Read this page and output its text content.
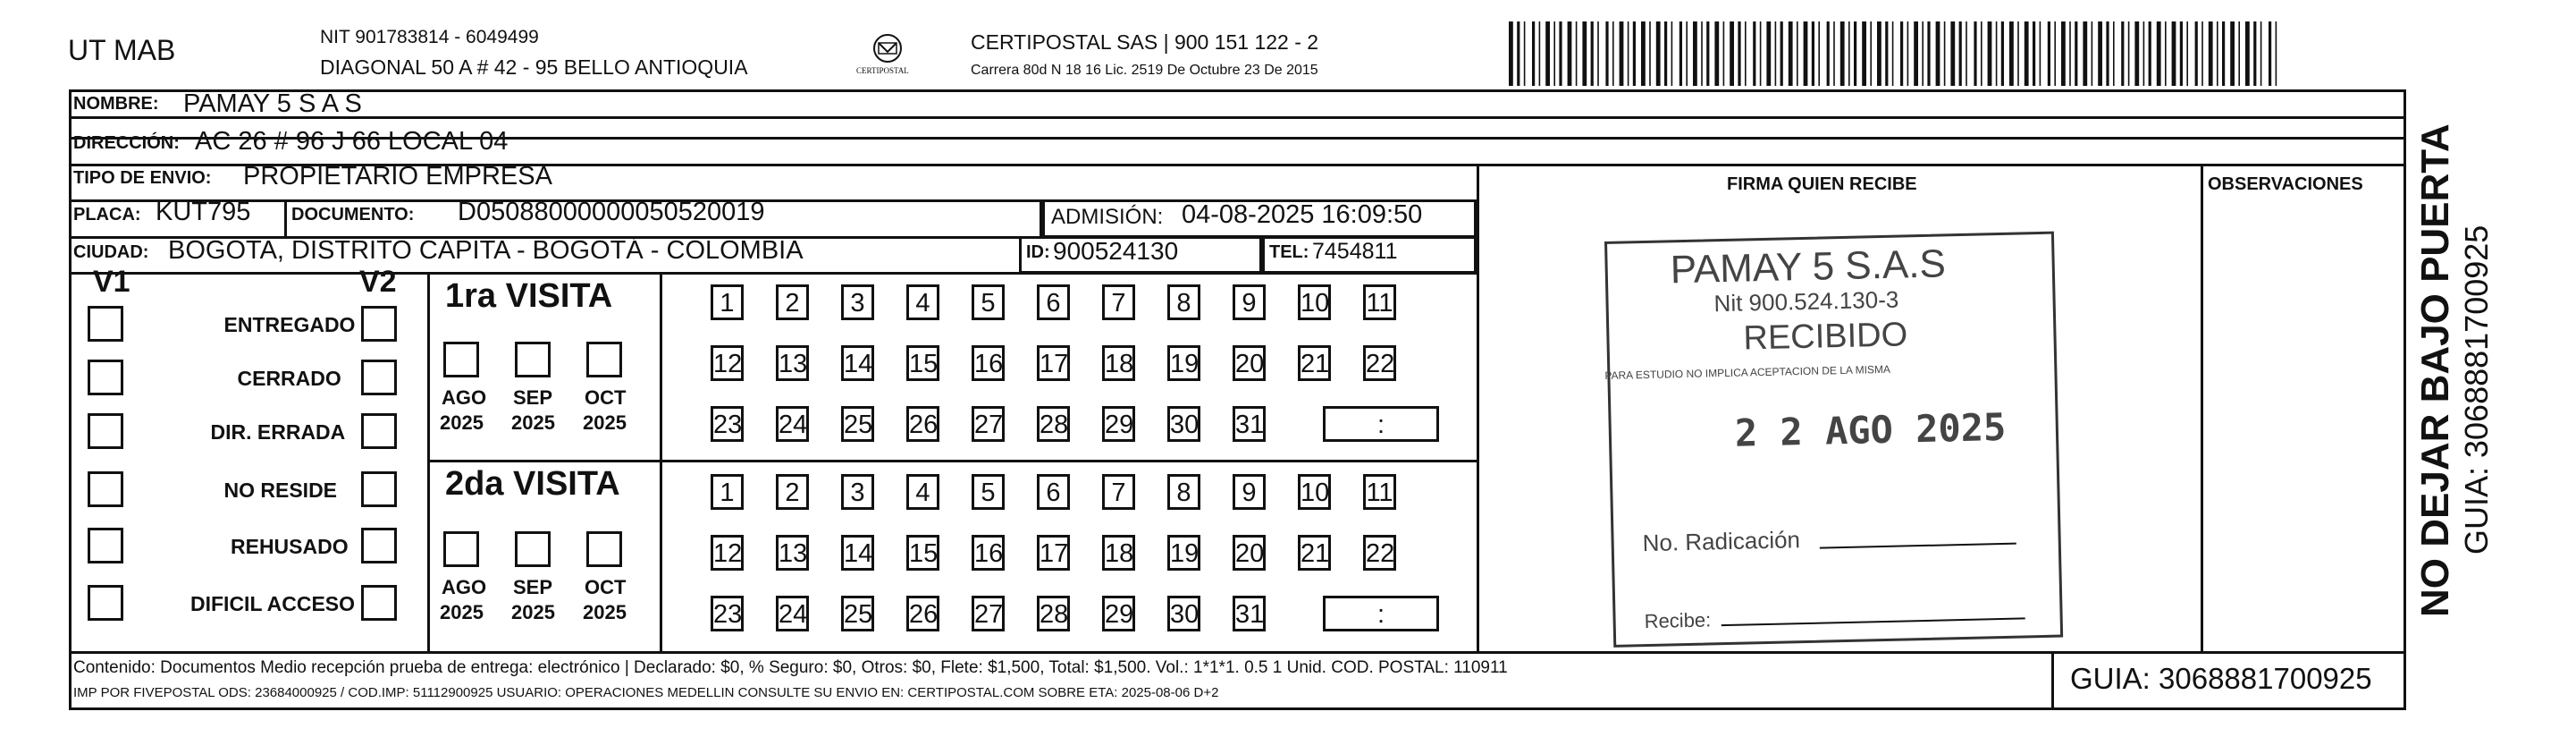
UT MAB	NIT 901783814 - 6049499
DIAGONAL 50 A # 42 - 95 BELLO ANTIOQUIA	CERTIPOSTAL
CERTIPOSTAL SAS | 900 151 122 - 2
Carrera 80d N 18 16 Lic. 2519 De Octubre 23 De 2015
NOMBRE: PAMAY 5 S A S
DIRECCIÓN: AC 26 # 96 J 66 LOCAL 04
TIPO DE ENVIO: PROPIETARIO EMPRESA
PLACA: KUT795 DOCUMENTO: D05088000000050520019	ADMISIÓN: 04-08-2025 16:09:50
CIUDAD: BOGOTA, DISTRITO CAPITA - BOGOTÁ - COLOMBIA	ID: 900524130	TEL: 7454811
FIRMA QUIEN RECIBE	OBSERVACIONES
V1	V2
ENTREGADO
CERRADO
DIR. ERRADA
NO RESIDE
REHUSADO
DIFICIL ACCESO
1ra VISITA
2da VISITA
AGO
2025
SEP
2025
OCT
2025
AGO
2025
SEP
2025
OCT
2025
1	2	3	4	5	6	7	8	9	10 11
12 13 14 15 16 17 18 19 20 21 22
23 24 25 26 27 28 29 30 31	:
1	2	3	4	5	6	7	8	9	10 11
12 13 14 15 16 17 18 19 20 21 22
23 24 25 26 27 28 29 30 31	:
PAMAY 5 S.A.S
Nit 900.524.130-3
RECIBIDO
PARA ESTUDIO NO IMPLICA ACEPTACION DE LA MISMA
2 2 AGO 2025
No. Radicación
Recibe:
Contenido: Documentos Medio recepción prueba de entrega: electrónico | Declarado: $0, % Seguro: $0, Otros: $0, Flete: $1,500, Total: $1,500. Vol.: 1*1*1. 0.5 1 Unid. COD. POSTAL: 110911
IMP POR FIVEPOSTAL ODS: 23684000925 / COD.IMP: 51112900925 USUARIO: OPERACIONES MEDELLIN CONSULTE SU ENVIO EN: CERTIPOSTAL.COM SOBRE ETA: 2025-08-06 D+2	GUIA: 3068881700925
NO DEJAR BAJO PUERTA GUIA: 3068881700925
